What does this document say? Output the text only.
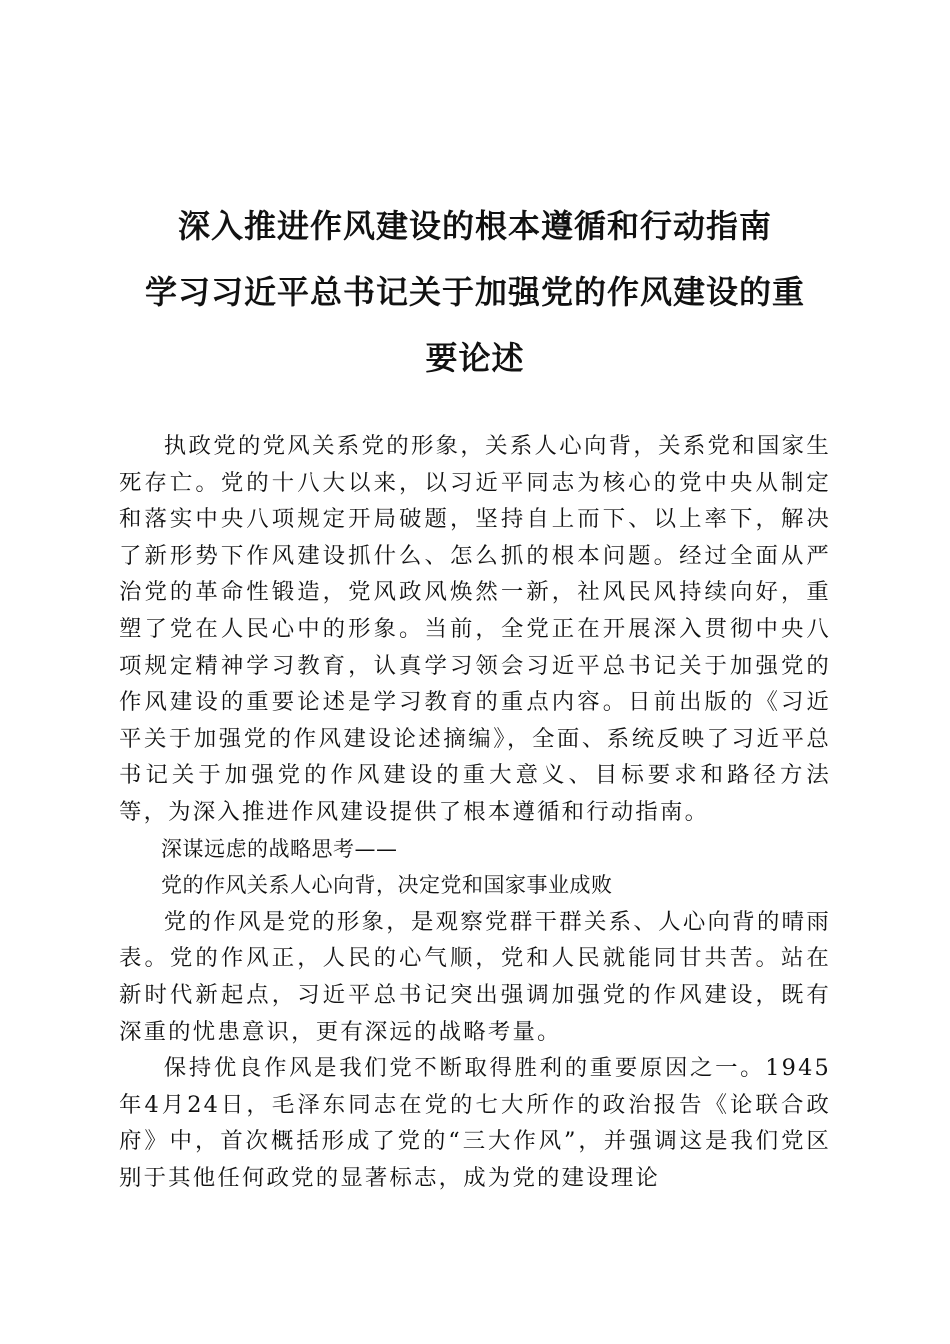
深入推进作风建设的根本遵循和行动指南
学习习近平总书记关于加强党的作风建设的重
要论述

执政党的党风关系党的形象，关系人心向背，关系党和国家生死存亡。党的十八大以来，以习近平同志为核心的党中央从制定和落实中央八项规定开局破题，坚持自上而下、以上率下，解决了新形势下作风建设抓什么、怎么抓的根本问题。经过全面从严治党的革命性锻造，党风政风焕然一新，社风民风持续向好，重塑了党在人民心中的形象。当前，全党正在开展深入贯彻中央八项规定精神学习教育，认真学习领会习近平总书记关于加强党的作风建设的重要论述是学习教育的重点内容。日前出版的《习近平关于加强党的作风建设论述摘编》，全面、系统反映了习近平总书记关于加强党的作风建设的重大意义、目标要求和路径方法等，为深入推进作风建设提供了根本遵循和行动指南。

深谋远虑的战略思考——

党的作风关系人心向背，决定党和国家事业成败

党的作风是党的形象，是观察党群干群关系、人心向背的晴雨表。党的作风正，人民的心气顺，党和人民就能同甘共苦。站在新时代新起点，习近平总书记突出强调加强党的作风建设，既有深重的忧患意识，更有深远的战略考量。

保持优良作风是我们党不断取得胜利的重要原因之一。1945年4月24日，毛泽东同志在党的七大所作的政治报告《论联合政府》中，首次概括形成了党的“三大作风”，并强调这是我们党区别于其他任何政党的显著标志，成为党的建设理论
